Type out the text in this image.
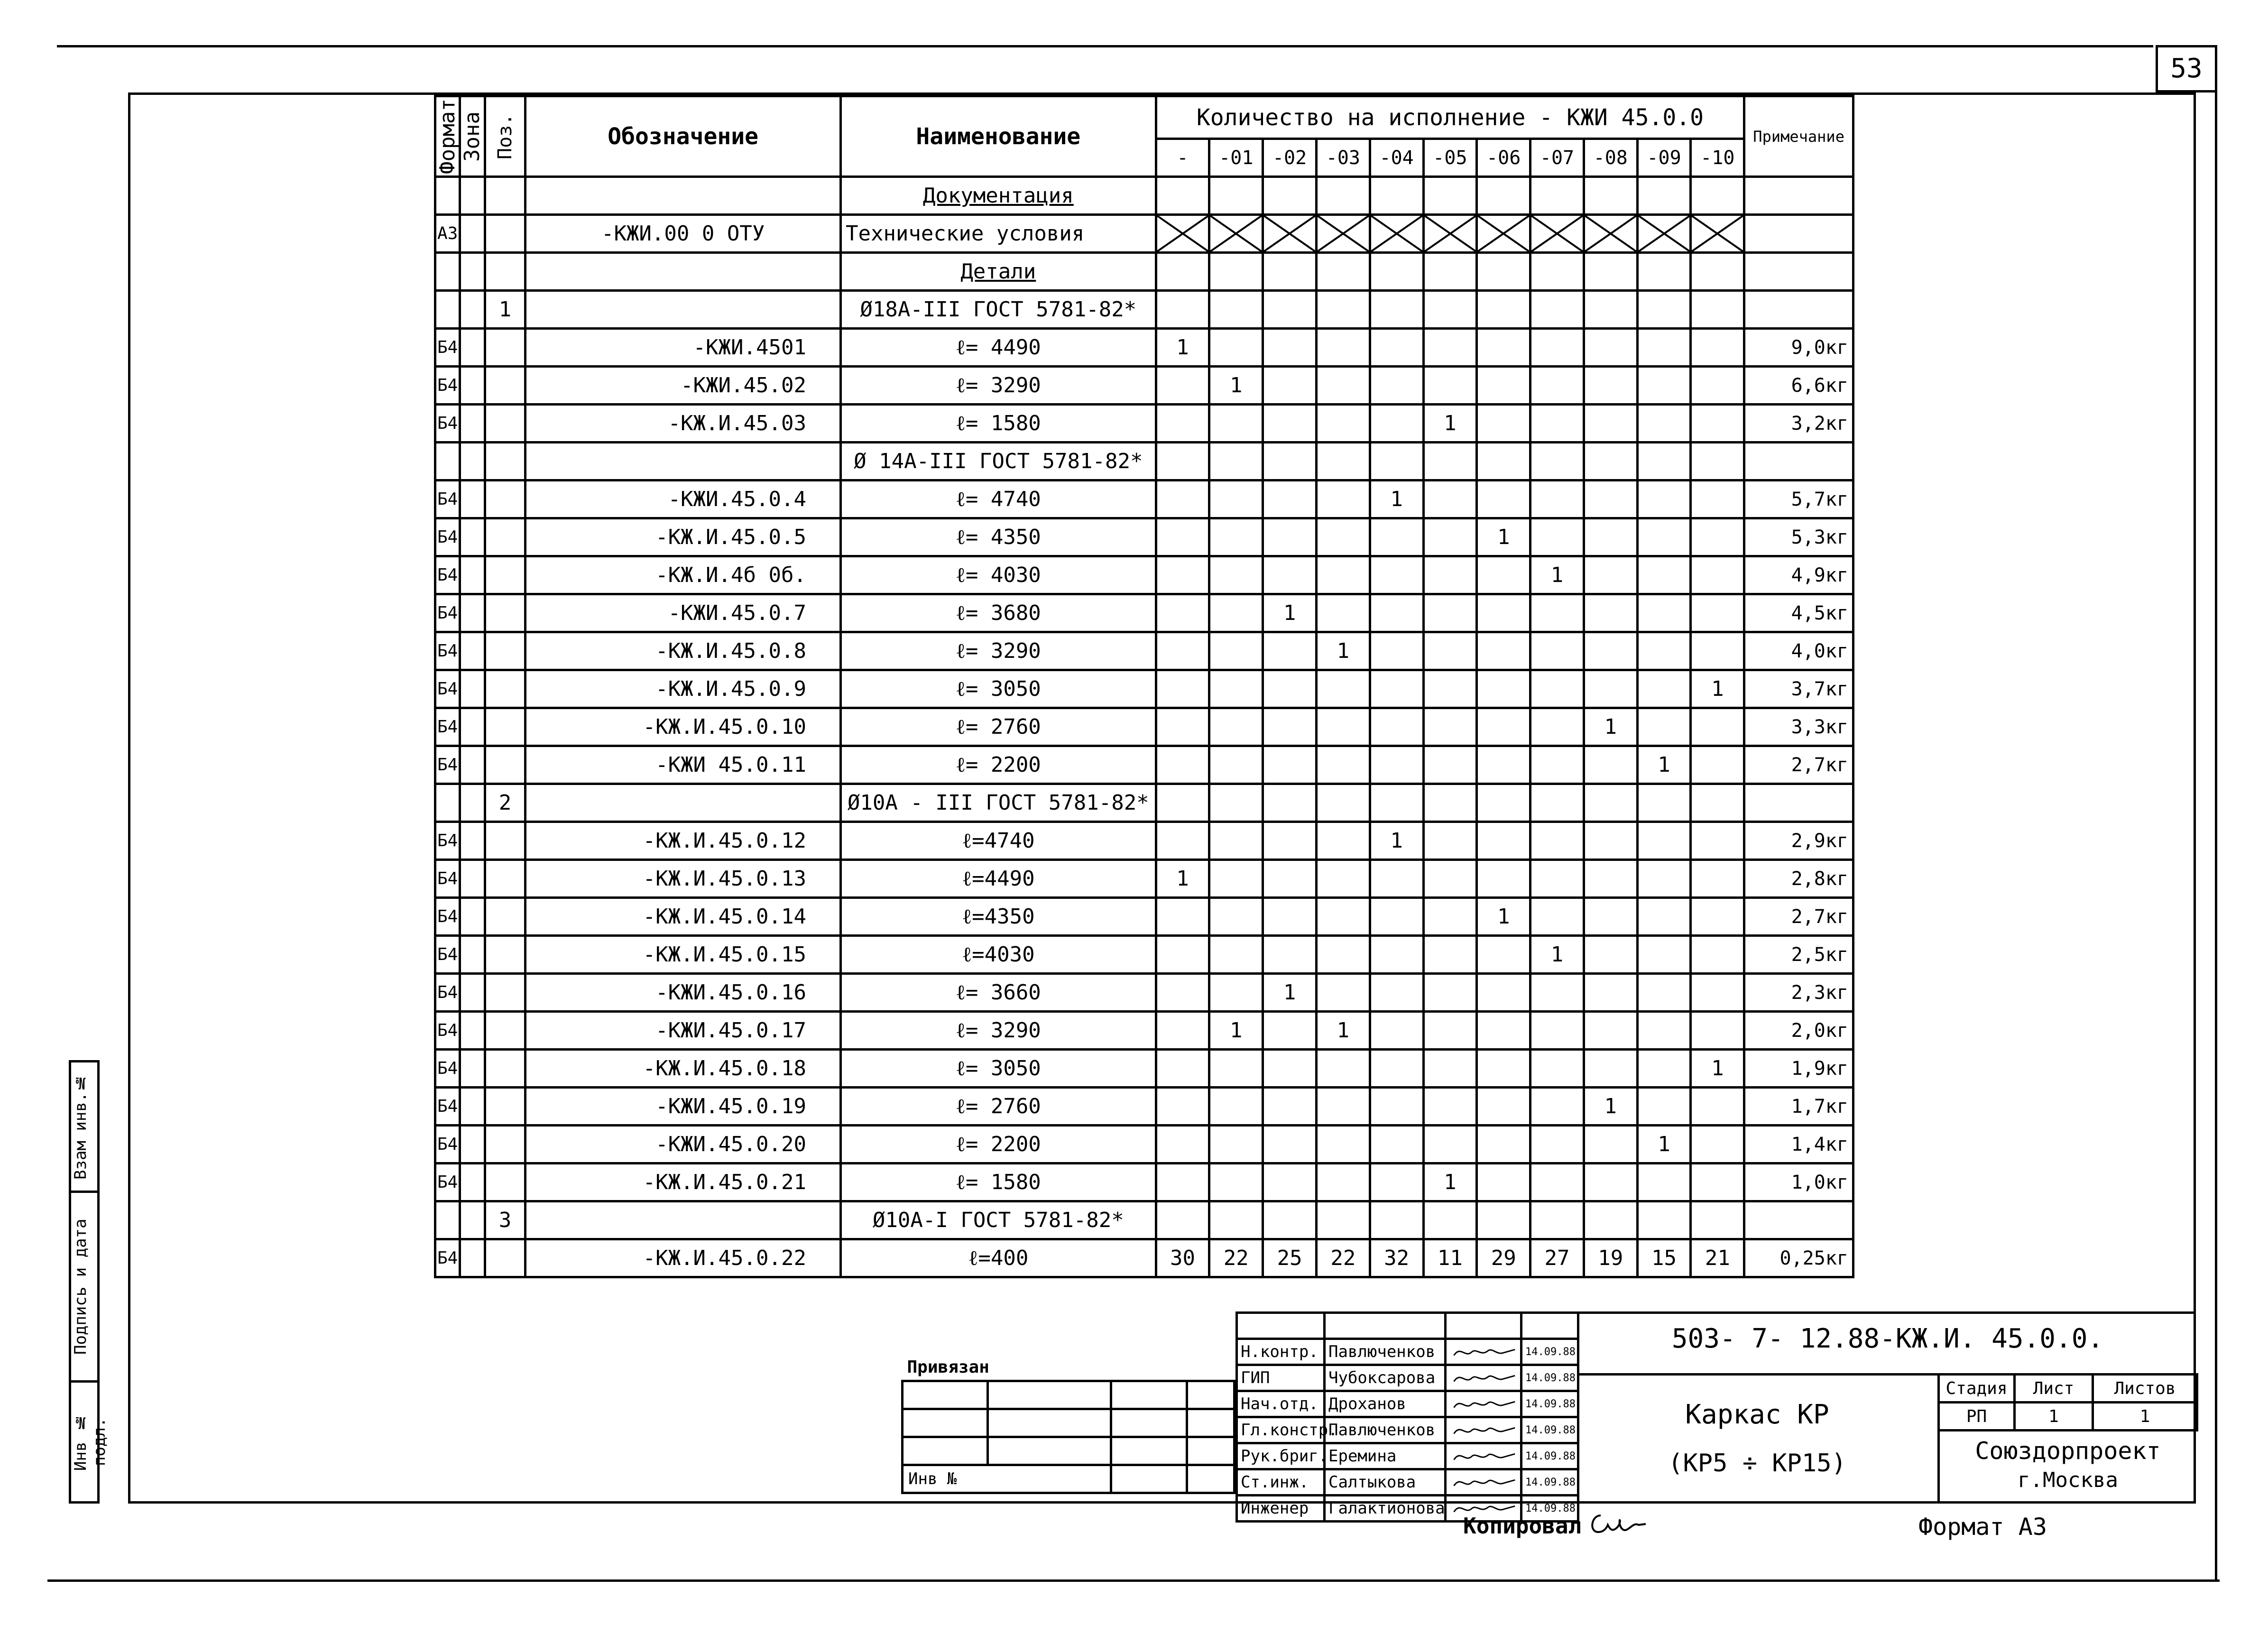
53
Взам инв.№
Подпись и дата
Инв № подл.
Формат	Зона	Поз.	Обозначение	Наименование	Количество на исполнение - КЖИ 45.0.0											Примечание
					-	-01	-02	-03	-04	-05	-06	-07	-08	-09	-10	
				Документация												
А3			-КЖИ.00 0 ОТУ	Технические условия	

				Детали												
		1		Ø18А-III ГОСТ 5781-82*												
Б4			-КЖИ.4501	ℓ= 4490	1											9,0кг
Б4			-КЖИ.45.02	ℓ= 3290		1										6,6кг
Б4			-КЖ.И.45.03	ℓ= 1580						1						3,2кг
				Ø 14А-III ГОСТ 5781-82*												
Б4			-КЖИ.45.0.4	ℓ= 4740					1							5,7кг
Б4			-КЖ.И.45.0.5	ℓ= 4350							1					5,3кг
Б4			-КЖ.И.4б 0б.	ℓ= 4030								1				4,9кг
Б4			-КЖИ.45.0.7	ℓ= 3680			1									4,5кг
Б4			-КЖ.И.45.0.8	ℓ= 3290				1								4,0кг
Б4			-КЖ.И.45.0.9	ℓ= 3050											1	3,7кг
Б4			-КЖ.И.45.0.10	ℓ= 2760									1			3,3кг
Б4			-КЖИ 45.0.11	ℓ= 2200										1		2,7кг
		2		Ø10А - III ГОСТ 5781-82*												
Б4			-КЖ.И.45.0.12	ℓ=4740					1							2,9кг
Б4			-КЖ.И.45.0.13	ℓ=4490	1											2,8кг
Б4			-КЖ.И.45.0.14	ℓ=4350							1					2,7кг
Б4			-КЖ.И.45.0.15	ℓ=4030								1				2,5кг
Б4			-КЖИ.45.0.16	ℓ= 3660			1									2,3кг
Б4			-КЖИ.45.0.17	ℓ= 3290		1		1								2,0кг
Б4			-КЖ.И.45.0.18	ℓ= 3050											1	1,9кг
Б4			-КЖИ.45.0.19	ℓ= 2760									1			1,7кг
Б4			-КЖИ.45.0.20	ℓ= 2200										1		1,4кг
Б4			-КЖ.И.45.0.21	ℓ= 1580						1						1,0кг
		3		Ø10А-I ГОСТ 5781-82*												
Б4			-КЖ.И.45.0.22	ℓ=400	30	22	25	22	32	11	29	27	19	15	21	0,25кг
Привязан			

Инв №			

Н.контр.	Павлюченков		14.09.88
ГИП	Чубоксарова		14.09.88
Нач.отд.	Дроханов		14.09.88
Гл.констр.	Павлюченков		14.09.88
Рук.бриг.	Еремина		14.09.88
Ст.инж.	Салтыкова		14.09.88
Инженер	Галактионова		14.09.88
503- 7- 12.88-КЖ.И. 45.0.0.
Каркас КР
(КР5 ÷ КР15)
Стадия	Лист	Листов
РП	1	1
Союздорпроект
г.Москва
Копировал	Формат А3
